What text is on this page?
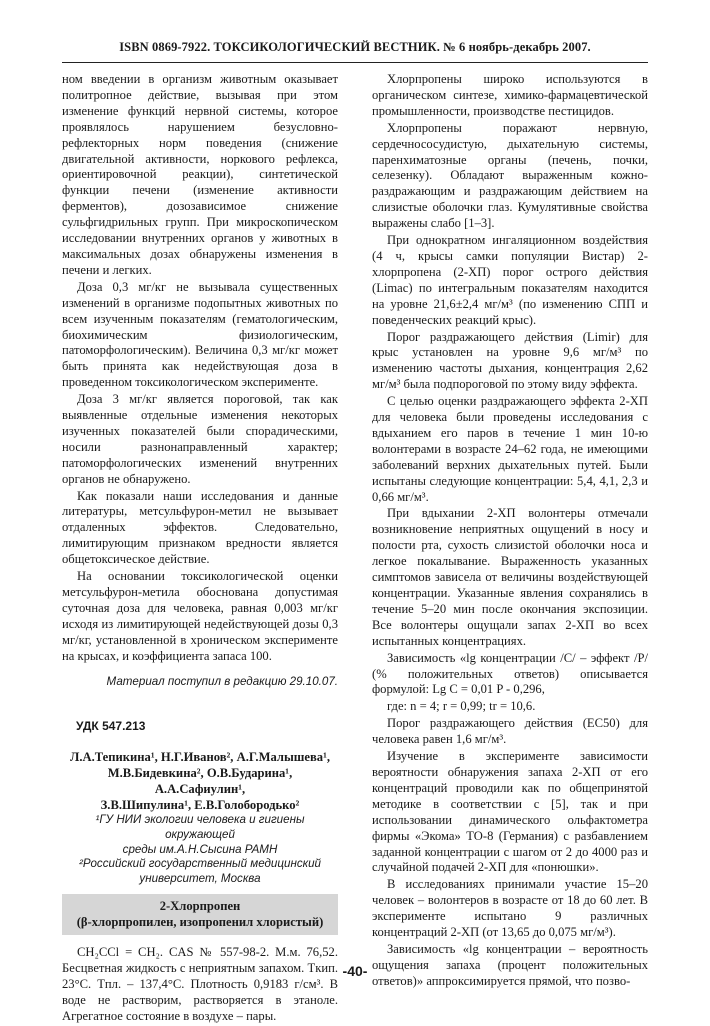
ISBN 0869-7922. ТОКСИКОЛОГИЧЕСКИЙ ВЕСТНИК. № 6 ноябрь-декабрь 2007.

ном введении в организм животным оказывает политропное действие, вызывая при этом изменение функций нервной системы, которое проявлялось нарушением безусловно-рефлекторных норм поведения (снижение двигательной активности, норкового рефлекса, ориентировочной реакции), синтетической функции печени (изменение активности ферментов), дозозависимое снижение сульфгидрильных групп. При микроскопическом исследовании внутренних органов у животных в максимальных дозах обнаружены изменения в печени и легких.

Доза 0,3 мг/кг не вызывала существенных изменений в организме подопытных животных по всем изученным показателям (гематологическим, биохимическим физиологическим, патоморфологическим). Величина 0,3 мг/кг может быть принята как недействующая доза в проведенном токсикологическом эксперименте.

Доза 3 мг/кг является пороговой, так как выявленные отдельные изменения некоторых изученных показателей были спорадическими, носили разнонаправленный характер; патоморфологических изменений внутренних органов не обнаружено.

Как показали наши исследования и данные литературы, метсульфурон-метил не вызывает отдаленных эффектов. Следовательно, лимитирующим признаком вредности является общетоксическое действие.

На основании токсикологической оценки метсульфурон-метила обоснована допустимая суточная доза для человека, равная 0,003 мг/кг исходя из лимитирующей недействующей дозы 0,3 мг/кг, установленной в хроническом эксперименте на крысах, и коэффициента запаса 100.

Материал поступил в редакцию 29.10.07.

УДК 547.213
Л.А.Тепикина¹, Н.Г.Иванов², А.Г.Малышева¹,
М.В.Бидевкина², О.В.Бударина¹, А.А.Сафиулин¹,
З.В.Шипулина¹, Е.В.Голобородько²
¹ГУ НИИ экологии человека и гигиены окружающей
среды им.А.Н.Сысина РАМН
²Российский государственный медицинский
университет, Москва
2-Хлорпропен
(β-хлорпропилен, изопропенил хлористый)

CH₂CCl = CH₂. CAS № 557-98-2. М.м. 76,52. Бесцветная жидкость с неприятным запахом. Tкип. 23°С. Tпл. – 137,4°С. Плотность 0,9183 г/см³. В воде не растворим, растворяется в этаноле. Агрегатное состояние в воздухе – пары.

Хлорпропены широко используются в органическом синтезе, химико-фармацевтической промышленности, производстве пестицидов.

Хлорпропены поражают нервную, сердечнососудистую, дыхательную системы, паренхиматозные органы (печень, почки, селезенку). Обладают выраженным кожно-раздражающим и раздражающим действием на слизистые оболочки глаз. Кумулятивные свойства выражены слабо [1–3].

При однократном ингаляционном воздействия (4 ч, крысы самки популяции Вистар) 2-хлорпропена (2-ХП) порог острого действия (Limac) по интегральным показателям находится на уровне 21,6±2,4 мг/м³ (по изменению СПП и поведенческих реакций крыс).

Порог раздражающего действия (Limir) для крыс установлен на уровне 9,6 мг/м³ по изменению частоты дыхания, концентрация 2,62 мг/м³ была подпороговой по этому виду эффекта.

С целью оценки раздражающего эффекта 2-ХП для человека были проведены исследования с вдыханием его паров в течение 1 мин 10-ю волонтерами в возрасте 24–62 года, не имеющими заболеваний верхних дыхательных путей. Были испытаны следующие концентрации: 5,4, 4,1, 2,3 и 0,66 мг/м³.

При вдыхании 2-ХП волонтеры отмечали возникновение неприятных ощущений в носу и полости рта, сухость слизистой оболочки носа и легкое покалывание. Выраженность указанных симптомов зависела от величины воздействующей концентрации. Указанные явления сохранялись в течение 5–20 мин после окончания экспозиции. Все волонтеры ощущали запах 2-ХП во всех испытанных концентрациях.

Зависимость «lg концентрации /С/ – эффект /Р/ (% положительных ответов) описывается формулой: Lg C = 0,01 P - 0,296,

где: n = 4; r = 0,99; tr = 10,6.

Порог раздражающего действия (EC50) для человека равен 1,6 мг/м³.

Изучение в эксперименте зависимости вероятности обнаружения запаха 2-ХП от его концентраций проводили как по общепринятой методике в соответствии с [5], так и при использовании динамического ольфактометра фирмы «Экома» ТО-8 (Германия) с разбавлением заданной концентрации с шагом от 2 до 4000 раз и случайной подачей 2-ХП для «понюшки».

В исследованиях принимали участие 15–20 человек – волонтеров в возрасте от 18 до 60 лет. В эксперименте испытано 9 различных концентраций 2-ХП (от 13,65 до 0,075 мг/м³).

Зависимость «lg концентрации – вероятность ощущения запаха (процент положительных ответов)» аппроксимируется прямой, что позво-

-40-
